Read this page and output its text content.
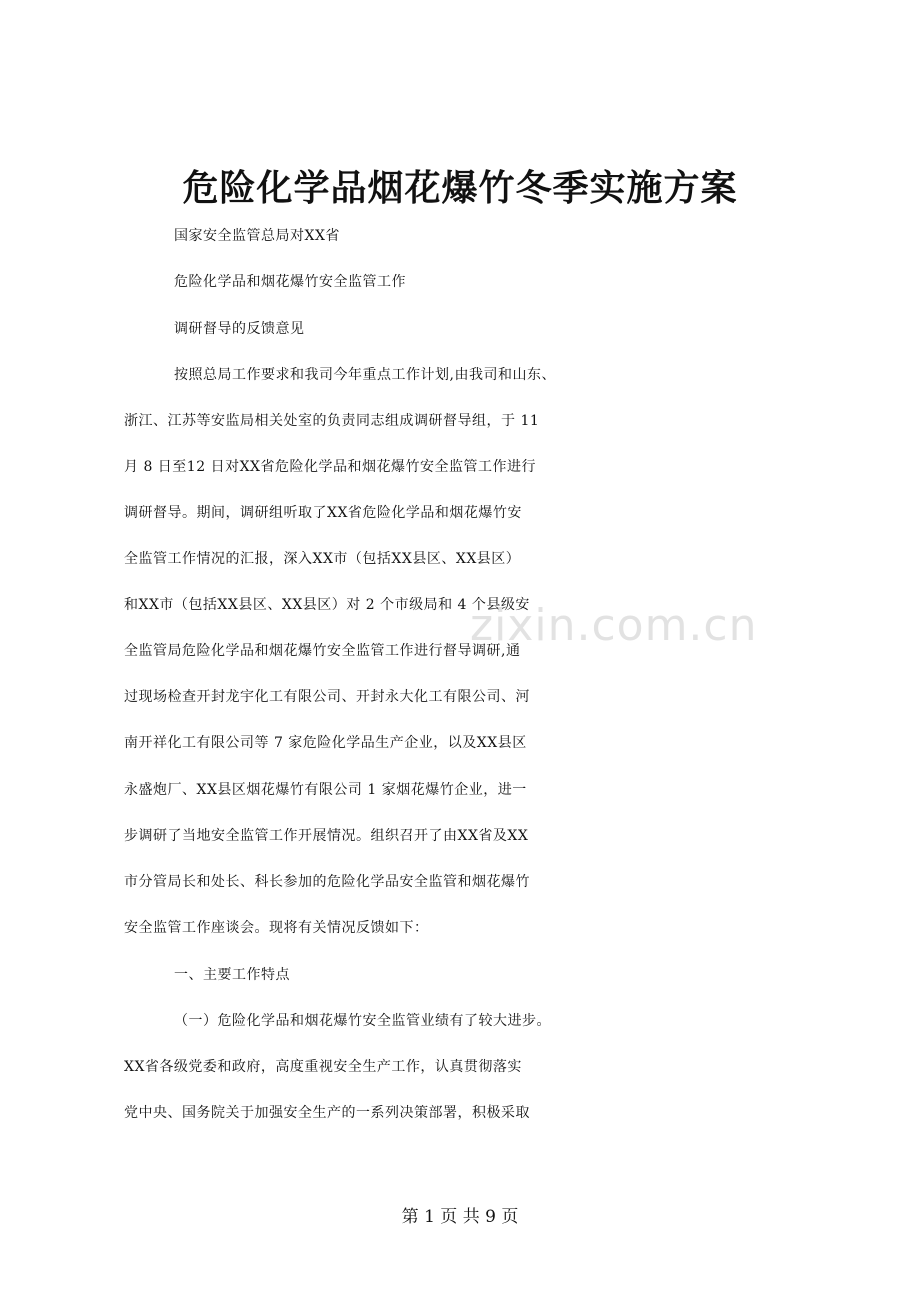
危险化学品烟花爆竹冬季实施方案
国家安全监管总局对XX省
危险化学品和烟花爆竹安全监管工作
调研督导的反馈意见
按照总局工作要求和我司今年重点工作计划,由我司和山东、
浙江、江苏等安监局相关处室的负责同志组成调研督导组，于 11
月 8 日至12 日对XX省危险化学品和烟花爆竹安全监管工作进行
调研督导。期间，调研组听取了XX省危险化学品和烟花爆竹安
全监管工作情况的汇报，深入XX市（包括XX县区、XX县区）
和XX市（包括XX县区、XX县区）对 2 个市级局和 4 个县级安
全监管局危险化学品和烟花爆竹安全监管工作进行督导调研,通
过现场检查开封龙宇化工有限公司、开封永大化工有限公司、河
南开祥化工有限公司等 7 家危险化学品生产企业，以及XX县区
永盛炮厂、XX县区烟花爆竹有限公司 1 家烟花爆竹企业，进一
步调研了当地安全监管工作开展情况。组织召开了由XX省及XX
市分管局长和处长、科长参加的危险化学品安全监管和烟花爆竹
安全监管工作座谈会。现将有关情况反馈如下：
一、主要工作特点
（一）危险化学品和烟花爆竹安全监管业绩有了较大进步。
XX省各级党委和政府，高度重视安全生产工作，认真贯彻落实
党中央、国务院关于加强安全生产的一系列决策部署，积极采取
zixin.com.cn
第 1 页 共 9 页
